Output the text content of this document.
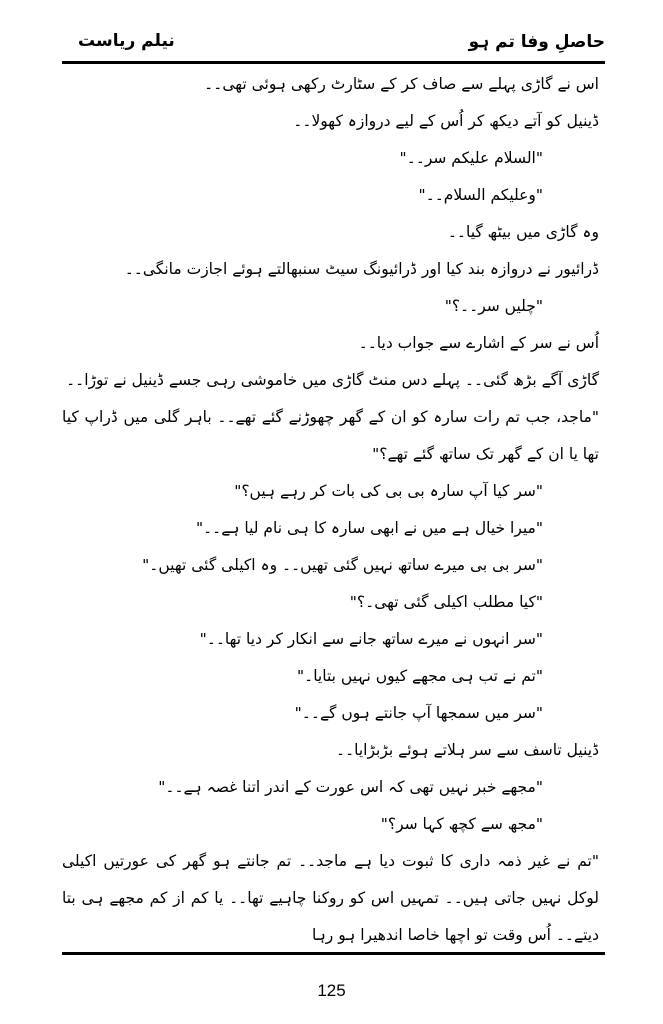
حاصلِ وفا تم ہو
نیلم ریاست
اس نے گاڑی پہلے سے صاف کر کے سٹارٹ رکھی ہوئی تھی۔۔
ڈینیل کو آتے دیکھ کر اُس کے لیے دروازہ کھولا۔۔
"السلام علیکم سر۔۔"
"وعلیکم السلام۔۔"
وہ گاڑی میں بیٹھ گیا۔۔
ڈرائیور نے دروازہ بند کیا اور ڈرائیونگ سیٹ سنبھالتے ہوئے اجازت مانگی۔۔
"چلیں سر۔۔؟"
اُس نے سر کے اشارے سے جواب دیا۔۔
گاڑی آگے بڑھ گئی۔۔ پہلے دس منٹ گاڑی میں خاموشی رہی جسے ڈینیل نے توڑا۔۔
"ماجد، جب تم رات سارہ کو ان کے گھر چھوڑنے گئے تھے۔۔ باہر گلی میں ڈراپ کیا تھا یا ان کے گھر تک ساتھ گئے تھے؟"
"سر کیا آپ سارہ بی بی کی بات کر رہے ہیں؟"
"میرا خیال ہے میں نے ابھی سارہ کا ہی نام لیا ہے۔۔"
"سر بی بی میرے ساتھ نہیں گئی تھیں۔۔ وہ اکیلی گئی تھیں۔"
"کیا مطلب اکیلی گئی تھی۔؟"
"سر انہوں نے میرے ساتھ جانے سے انکار کر دیا تھا۔۔"
"تم نے تب ہی مجھے کیوں نہیں بتایا۔"
"سر میں سمجھا آپ جانتے ہوں گے۔۔"
ڈینیل تاسف سے سر ہلاتے ہوئے بڑبڑایا۔۔
"مجھے خبر نہیں تھی کہ اس عورت کے اندر اتنا غصہ ہے۔۔"
"مجھ سے کچھ کہا سر؟"
"تم نے غیر ذمہ داری کا ثبوت دیا ہے ماجد۔۔ تم جانتے ہو گھر کی عورتیں اکیلی لوکل نہیں جاتی ہیں۔۔ تمہیں اس کو روکنا چاہیے تھا۔۔ یا کم از کم مجھے ہی بتا دیتے۔۔ اُس وقت تو اچھا خاصا اندھیرا ہو رہا
125
